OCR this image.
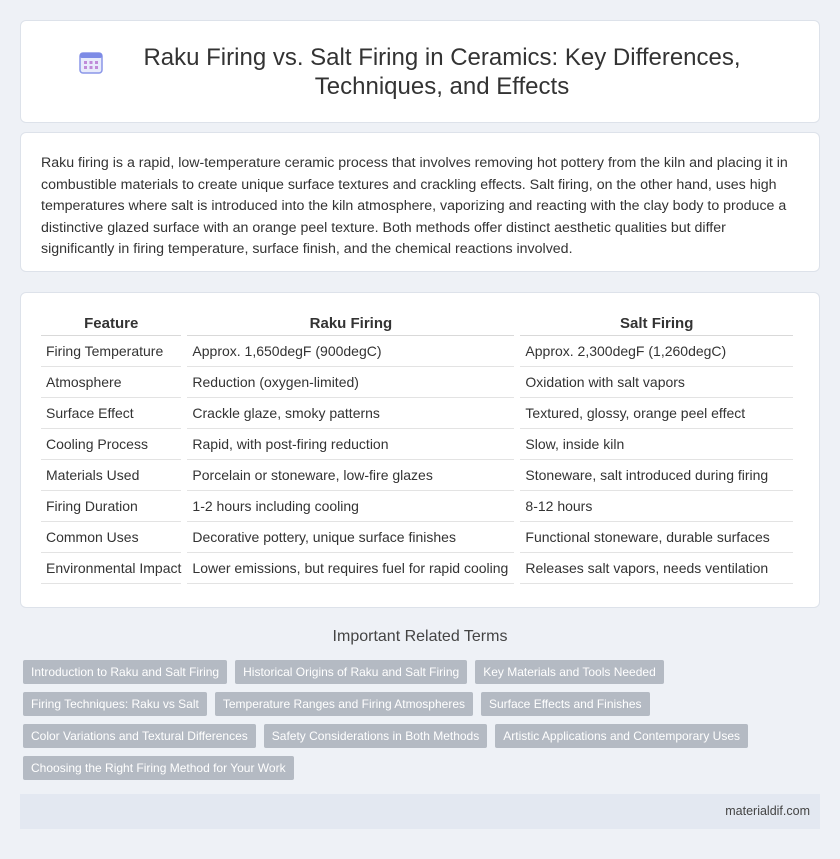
Raku Firing vs. Salt Firing in Ceramics: Key Differences, Techniques, and Effects

Raku firing is a rapid, low-temperature ceramic process that involves removing hot pottery from the kiln and placing it in combustible materials to create unique surface textures and crackling effects. Salt firing, on the other hand, uses high temperatures where salt is introduced into the kiln atmosphere, vaporizing and reacting with the clay body to produce a distinctive glazed surface with an orange peel texture. Both methods offer distinct aesthetic qualities but differ significantly in firing temperature, surface finish, and the chemical reactions involved.

Feature	Raku Firing	Salt Firing
Firing Temperature	Approx. 1,650degF (900degC)	Approx. 2,300degF (1,260degC)
Atmosphere	Reduction (oxygen-limited)	Oxidation with salt vapors
Surface Effect	Crackle glaze, smoky patterns	Textured, glossy, orange peel effect
Cooling Process	Rapid, with post-firing reduction	Slow, inside kiln
Materials Used	Porcelain or stoneware, low-fire glazes	Stoneware, salt introduced during firing
Firing Duration	1-2 hours including cooling	8-12 hours
Common Uses	Decorative pottery, unique surface finishes	Functional stoneware, durable surfaces
Environmental Impact	Lower emissions, but requires fuel for rapid cooling	Releases salt vapors, needs ventilation
Important Related Terms
Introduction to Raku and Salt Firing	Historical Origins of Raku and Salt Firing	Key Materials and Tools Needed
Firing Techniques: Raku vs Salt	Temperature Ranges and Firing Atmospheres	Surface Effects and Finishes
Color Variations and Textural Differences	Safety Considerations in Both Methods	Artistic Applications and Contemporary Uses
Choosing the Right Firing Method for Your Work
materialdif.com
